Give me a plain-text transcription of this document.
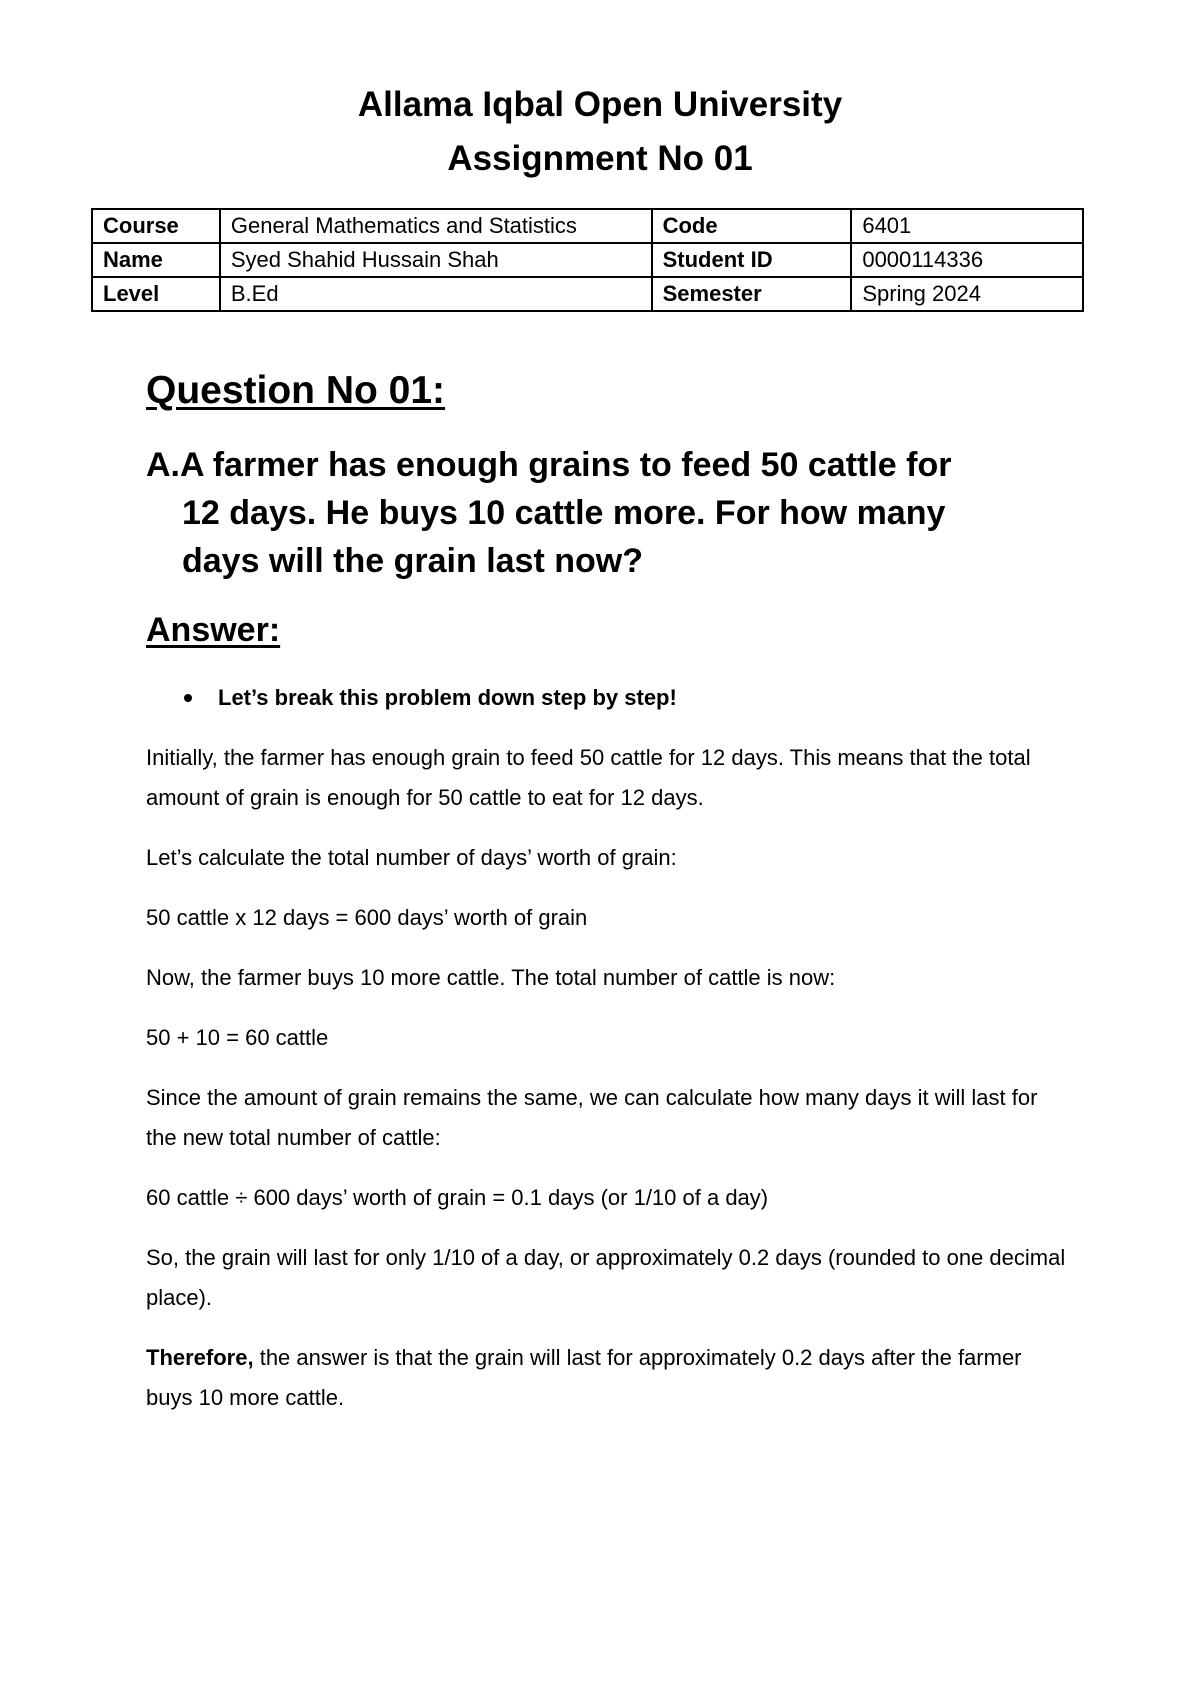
Allama Iqbal Open University
Assignment No 01
Course	General Mathematics and Statistics	Code	6401
Name	Syed Shahid Hussain Shah	Student ID	0000114336
Level	B.Ed	Semester	Spring 2024
Question No 01:
A.A farmer has enough grains to feed 50 cattle for
12 days. He buys 10 cattle more. For how many
days will the grain last now?
Answer:
Let’s break this problem down step by step!

Initially, the farmer has enough grain to feed 50 cattle for 12 days. This means that the total amount of grain is enough for 50 cattle to eat for 12 days.

Let’s calculate the total number of days’ worth of grain:

50 cattle x 12 days = 600 days’ worth of grain

Now, the farmer buys 10 more cattle. The total number of cattle is now:

50 + 10 = 60 cattle

Since the amount of grain remains the same, we can calculate how many days it will last for the new total number of cattle:

60 cattle ÷ 600 days’ worth of grain = 0.1 days (or 1/10 of a day)

So, the grain will last for only 1/10 of a day, or approximately 0.2 days (rounded to one decimal place).

Therefore, the answer is that the grain will last for approximately 0.2 days after the farmer buys 10 more cattle.
